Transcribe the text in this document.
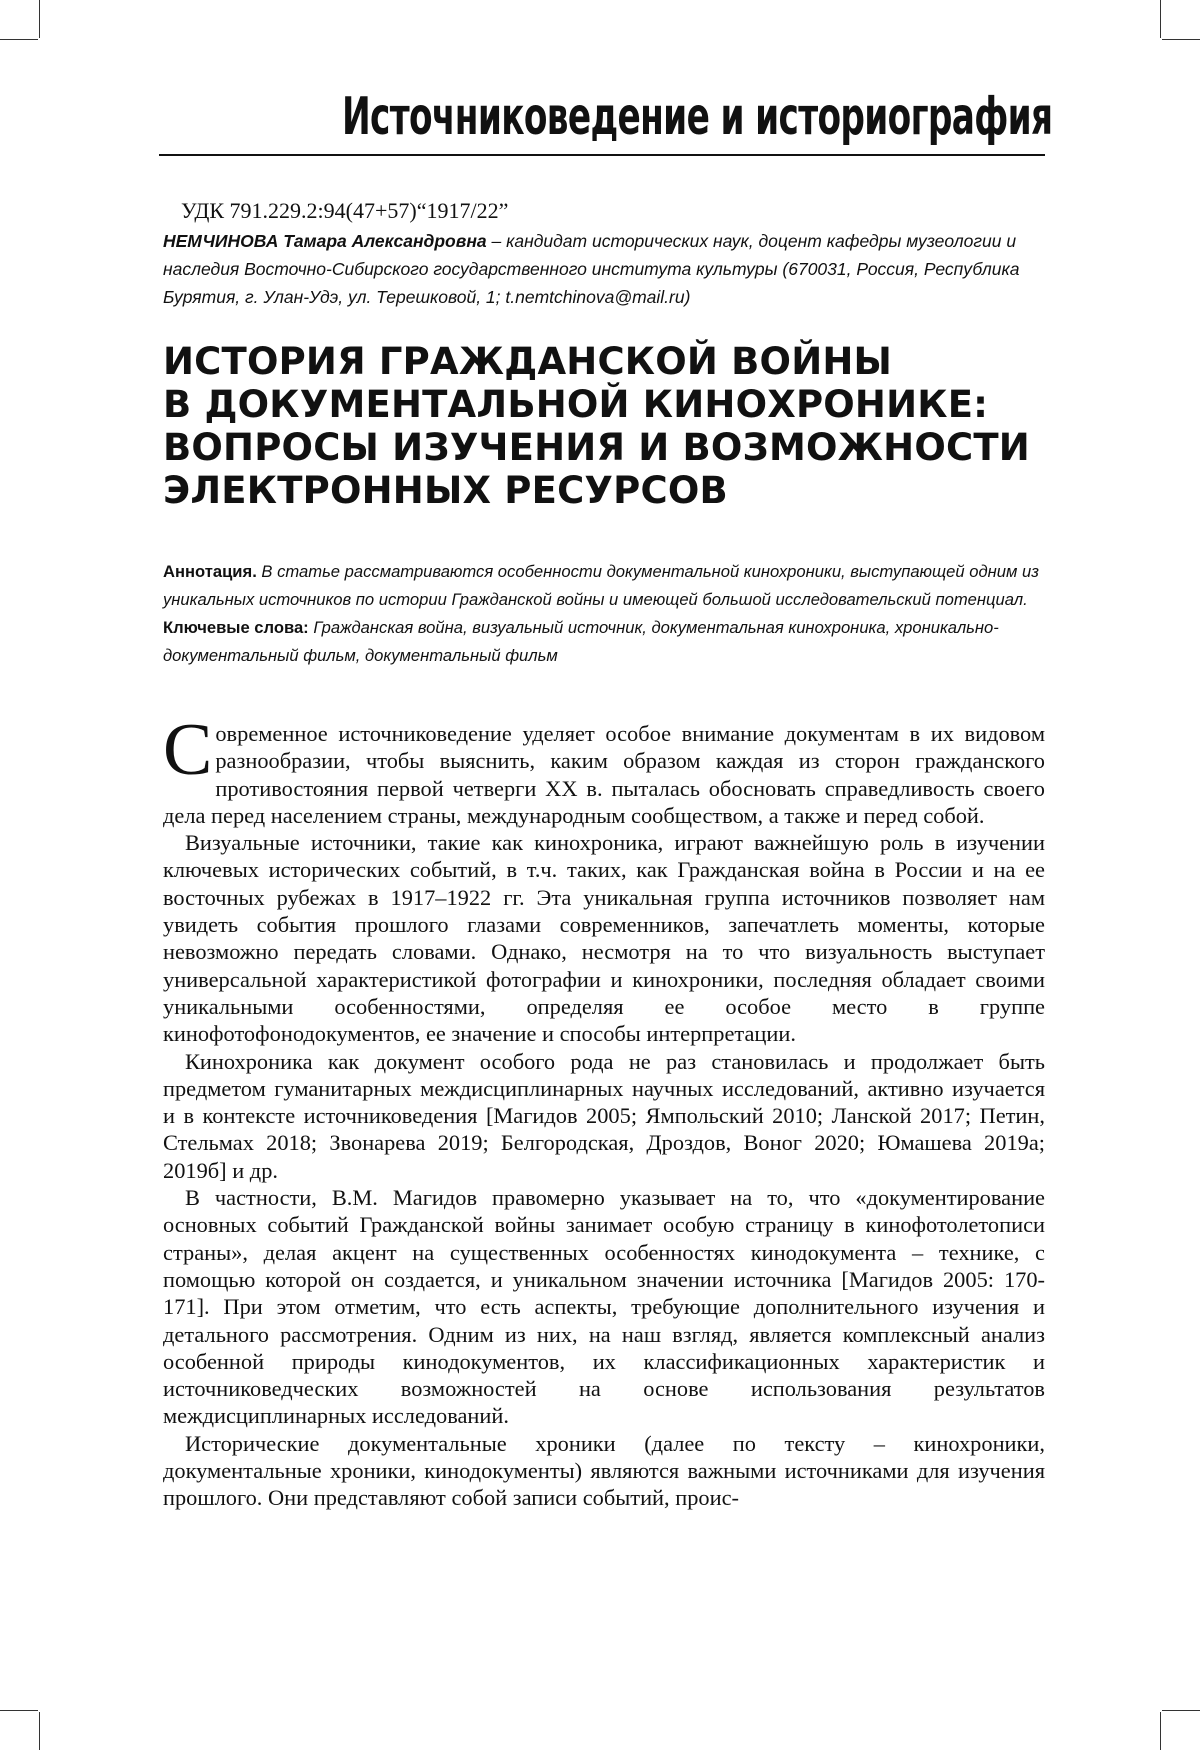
Источниковедение и историография
УДК 791.229.2:94(47+57)“1917/22”
НЕМЧИНОВА Тамара Александровна – кандидат исторических наук, доцент кафедры музеологии и наследия Восточно-Сибирского государственного института культуры (670031, Россия, Республика Бурятия, г. Улан-Удэ, ул. Терешковой, 1; t.nemtchinova@mail.ru)
ИСТОРИЯ ГРАЖДАНСКОЙ ВОЙНЫ
В ДОКУМЕНТАЛЬНОЙ КИНОХРОНИКЕ:
ВОПРОСЫ ИЗУЧЕНИЯ И ВОЗМОЖНОСТИ
ЭЛЕКТРОННЫХ РЕСУРСОВ
Аннотация. В статье рассматриваются особенности документальной кинохроники, выступающей одним из уникальных источников по истории Гражданской войны и имеющей большой исследовательский потенциал.
Ключевые слова: Гражданская война, визуальный источник, документальная кинохроника, хроникально-документальный фильм, документальный фильм

С овременное источниковедение уделяет особое внимание документам в их видовом разнообразии, чтобы выяснить, каким образом каждая из сторон гражданского противостояния первой четверги XX в. пыталась обосновать справедливость своего дела перед населением страны, международным сообществом, а также и перед собой.

Визуальные источники, такие как кинохроника, играют важнейшую роль в изучении ключевых исторических событий, в т.ч. таких, как Гражданская война в России и на ее восточных рубежах в 1917–1922 гг. Эта уникальная группа источников позволяет нам увидеть события прошлого глазами современников, запечатлеть моменты, которые невозможно передать словами. Однако, несмотря на то что визуальность выступает универсальной характеристикой фотографии и кинохроники, последняя обладает своими уникальными особенностями, определяя ее особое место в группе кинофотофонодокументов, ее значение и способы интерпретации.

Кинохроника как документ особого рода не раз становилась и продолжает быть предметом гуманитарных междисциплинарных научных исследований, активно изучается и в контексте источниковедения [Магидов 2005; Ямпольский 2010; Ланской 2017; Петин, Стельмах 2018; Звонарева 2019; Белгородская, Дроздов, Воног 2020; Юмашева 2019а; 2019б] и др.

В частности, В.М. Магидов правомерно указывает на то, что «документирование основных событий Гражданской войны занимает особую страницу в кинофотолетописи страны», делая акцент на существенных особенностях кинодокумента – технике, с помощью которой он создается, и уникальном значении источника [Магидов 2005: 170-171]. При этом отметим, что есть аспекты, требующие дополнительного изучения и детального рассмотрения. Одним из них, на наш взгляд, является комплексный анализ особенной природы кинодокументов, их классификационных характеристик и источниковедческих возможностей на основе использования результатов междисциплинарных исследований.

Исторические документальные хроники (далее по тексту – кинохроники, документальные хроники, кинодокументы) являются важными источниками для изучения прошлого. Они представляют собой записи событий, проис-
